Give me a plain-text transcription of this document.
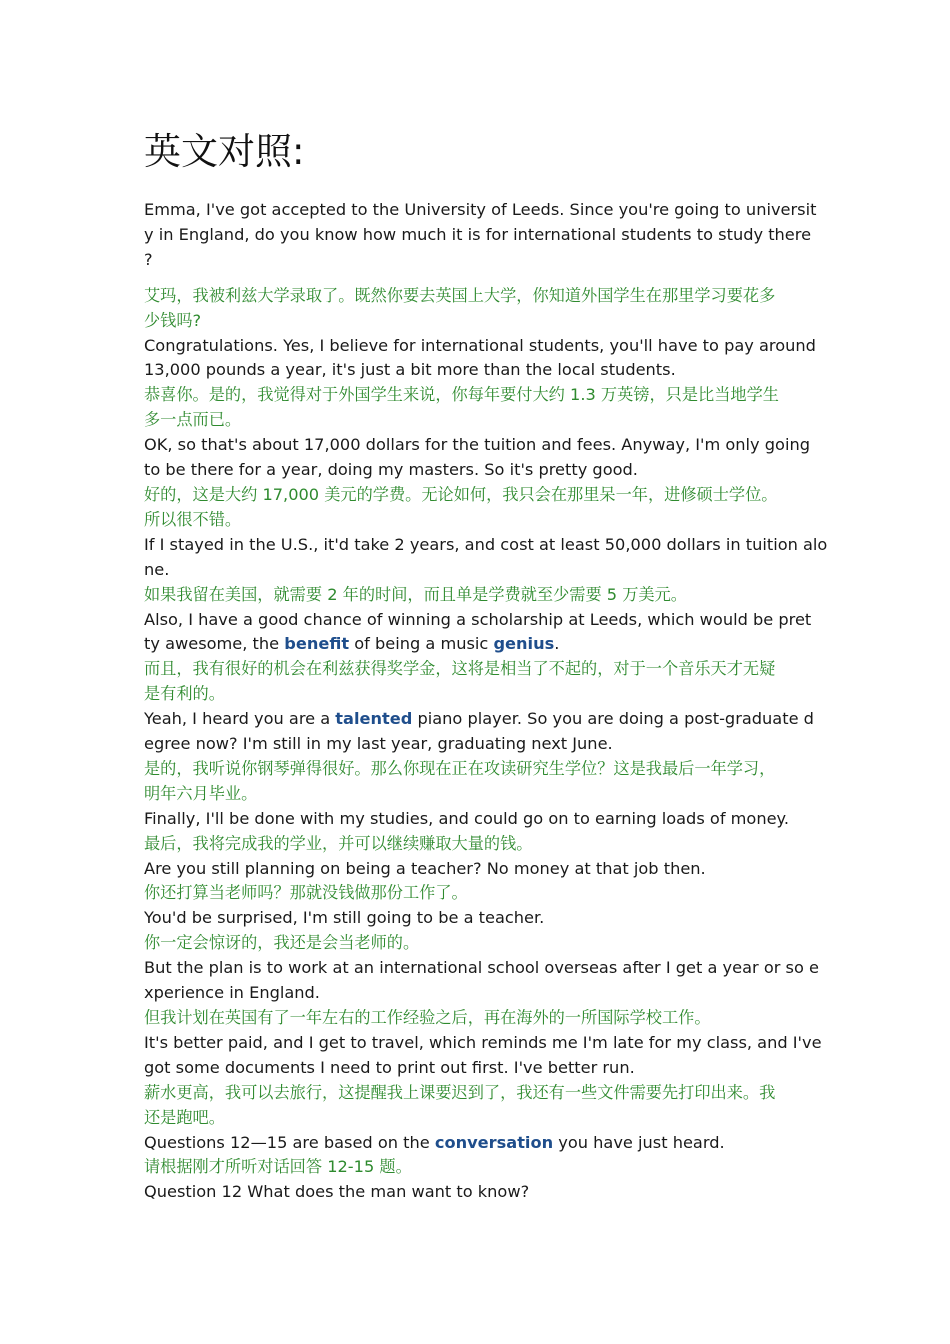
英文对照:
Emma, I've got accepted to the University of Leeds. Since you're going to universit
y in England, do you know how much it is for international students to study there
?
艾玛，我被利兹大学录取了。既然你要去英国上大学，你知道外国学生在那里学习要花多
少钱吗?
Congratulations. Yes, I believe for international students, you'll have to pay around
13,000 pounds a year, it's just a bit more than the local students.
恭喜你。是的，我觉得对于外国学生来说，你每年要付大约 1.3 万英镑，只是比当地学生
多一点而已。
OK, so that's about 17,000 dollars for the tuition and fees. Anyway, I'm only going
to be there for a year, doing my masters. So it's pretty good.
好的，这是大约 17,000 美元的学费。无论如何，我只会在那里呆一年，进修硕士学位。
所以很不错。
If I stayed in the U.S., it'd take 2 years, and cost at least 50,000 dollars in tuition alo
ne.
如果我留在美国，就需要 2 年的时间，而且单是学费就至少需要 5 万美元。
Also, I have a good chance of winning a scholarship at Leeds, which would be pret
ty awesome, the benefit of being a music genius.
而且，我有很好的机会在利兹获得奖学金，这将是相当了不起的，对于一个音乐天才无疑
是有利的。
Yeah, I heard you are a talented piano player. So you are doing a post-graduate d
egree now? I'm still in my last year, graduating next June.
是的，我听说你钢琴弹得很好。那么你现在正在攻读研究生学位？这是我最后一年学习，
明年六月毕业。
Finally, I'll be done with my studies, and could go on to earning loads of money.
最后，我将完成我的学业，并可以继续赚取大量的钱。
Are you still planning on being a teacher? No money at that job then.
你还打算当老师吗？那就没钱做那份工作了。
You'd be surprised, I'm still going to be a teacher.
你一定会惊讶的，我还是会当老师的。
But the plan is to work at an international school overseas after I get a year or so e
xperience in England.
但我计划在英国有了一年左右的工作经验之后，再在海外的一所国际学校工作。
It's better paid, and I get to travel, which reminds me I'm late for my class, and I've
got some documents I need to print out first. I've better run.
薪水更高，我可以去旅行，这提醒我上课要迟到了，我还有一些文件需要先打印出来。我
还是跑吧。
Questions 12—15 are based on the conversation you have just heard.
请根据刚才所听对话回答 12-15 题。
Question 12 What does the man want to know?
